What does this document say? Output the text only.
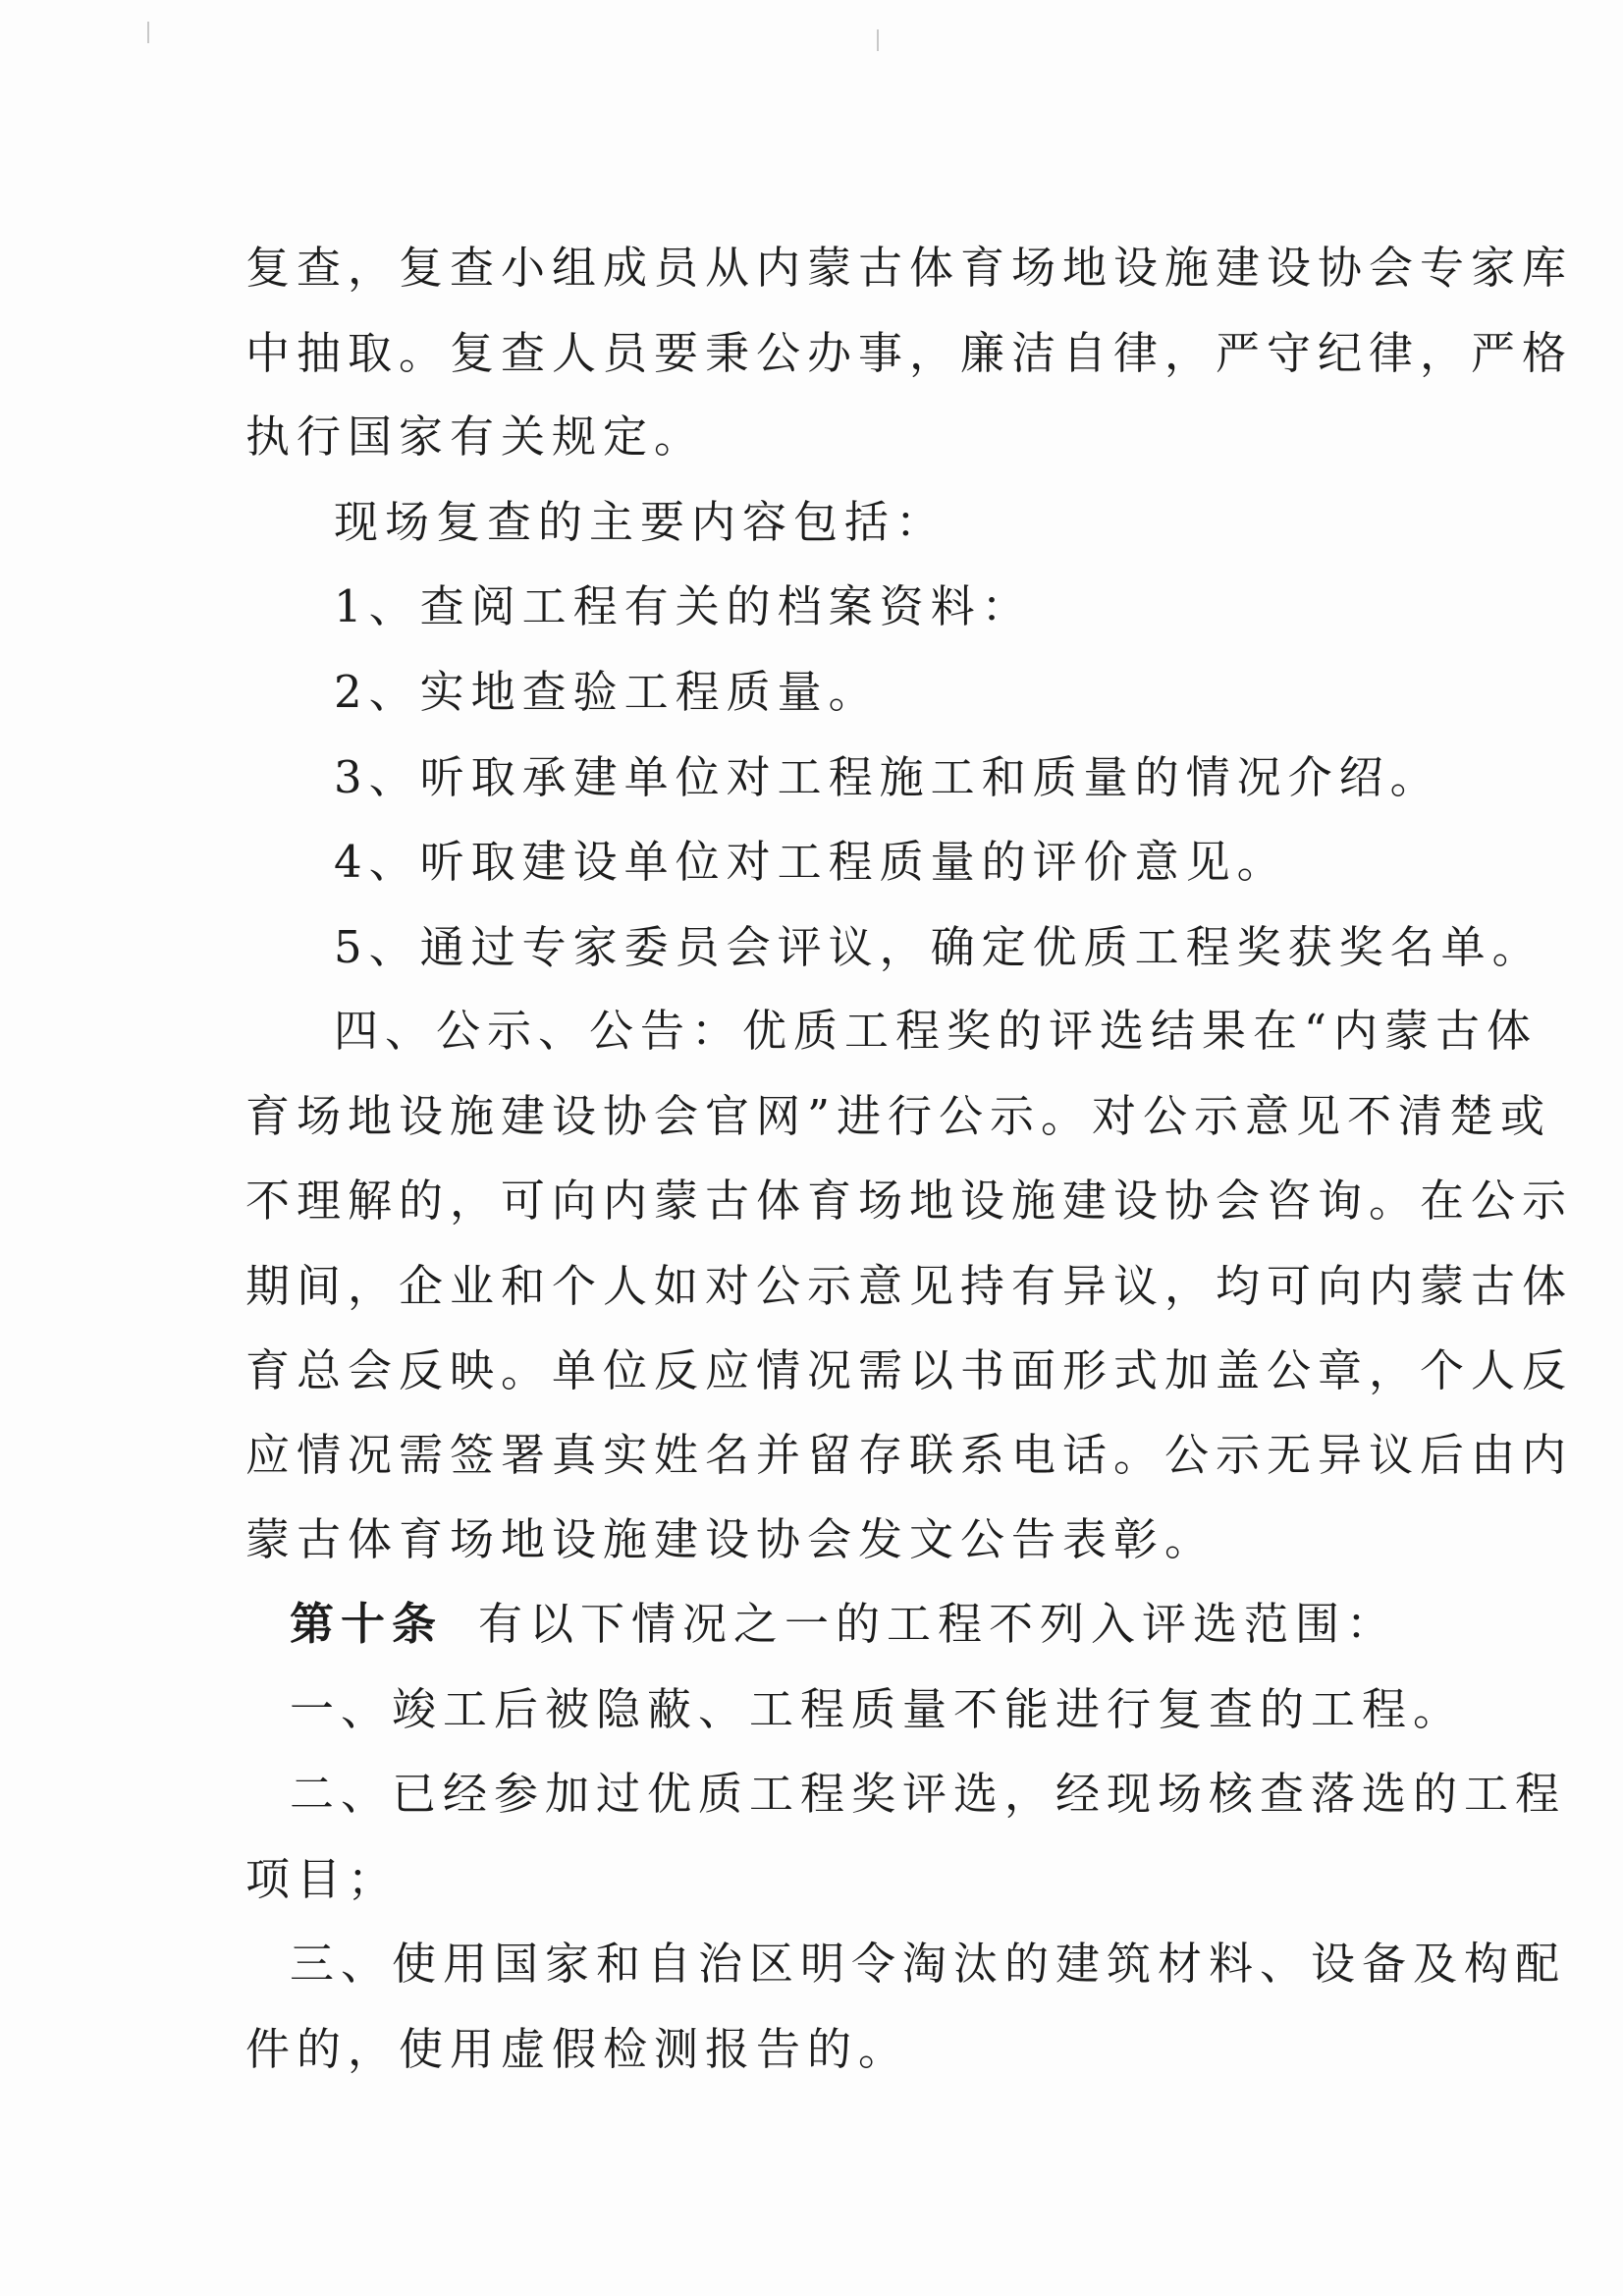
复查，复查小组成员从内蒙古体育场地设施建设协会专家库
中抽取。复查人员要秉公办事，廉洁自律，严守纪律，严格
执行国家有关规定。
现场复查的主要内容包括：
1、查阅工程有关的档案资料：
2、实地查验工程质量。
3、听取承建单位对工程施工和质量的情况介绍。
4、听取建设单位对工程质量的评价意见。
5、通过专家委员会评议，确定优质工程奖获奖名单。
四、公示、公告：优质工程奖的评选结果在“内蒙古体
育场地设施建设协会官网”进行公示。对公示意见不清楚或
不理解的，可向内蒙古体育场地设施建设协会咨询。在公示
期间，企业和个人如对公示意见持有异议，均可向内蒙古体
育总会反映。单位反应情况需以书面形式加盖公章，个人反
应情况需签署真实姓名并留存联系电话。公示无异议后由内
蒙古体育场地设施建设协会发文公告表彰。
第十条 有以下情况之一的工程不列入评选范围：
一、竣工后被隐蔽、工程质量不能进行复查的工程。
二、已经参加过优质工程奖评选，经现场核查落选的工程
项目；
三、使用国家和自治区明令淘汰的建筑材料、设备及构配
件的，使用虚假检测报告的。
